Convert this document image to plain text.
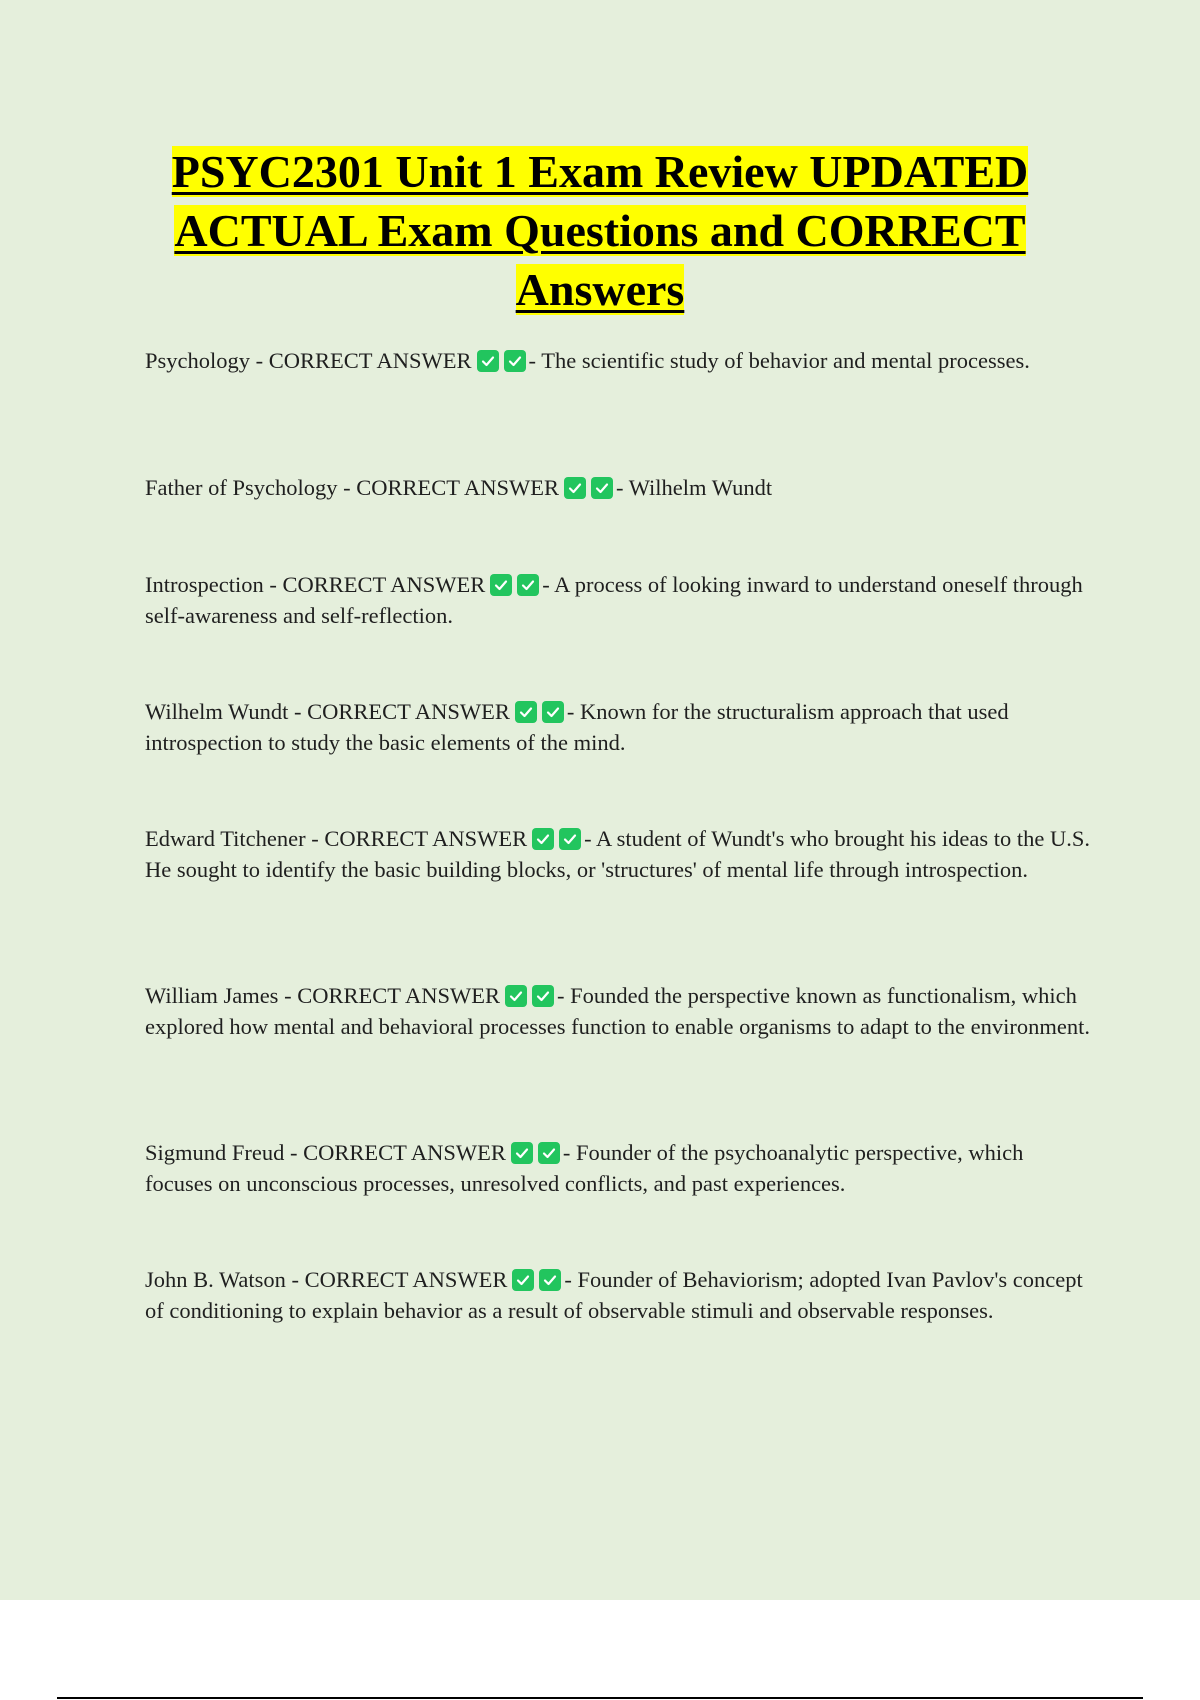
PSYC2301 Unit 1 Exam Review UPDATED ACTUAL Exam Questions and CORRECT Answers
Psychology - CORRECT ANSWER	- The scientific study of behavior and mental processes.
Father of Psychology - CORRECT ANSWER	- Wilhelm Wundt
Introspection - CORRECT ANSWER	- A process of looking inward to understand oneself through self-awareness and self-reflection.
Wilhelm Wundt - CORRECT ANSWER	- Known for the structuralism approach that used introspection to study the basic elements of the mind.
Edward Titchener - CORRECT ANSWER	- A student of Wundt's who brought his ideas to the U.S. He sought to identify the basic building blocks, or 'structures' of mental life through introspection.
William James - CORRECT ANSWER	- Founded the perspective known as functionalism, which explored how mental and behavioral processes function to enable organisms to adapt to the environment.
Sigmund Freud - CORRECT ANSWER	- Founder of the psychoanalytic perspective, which focuses on unconscious processes, unresolved conflicts, and past experiences.
John B. Watson - CORRECT ANSWER	- Founder of Behaviorism; adopted Ivan Pavlov's concept of conditioning to explain behavior as a result of observable stimuli and observable responses.
